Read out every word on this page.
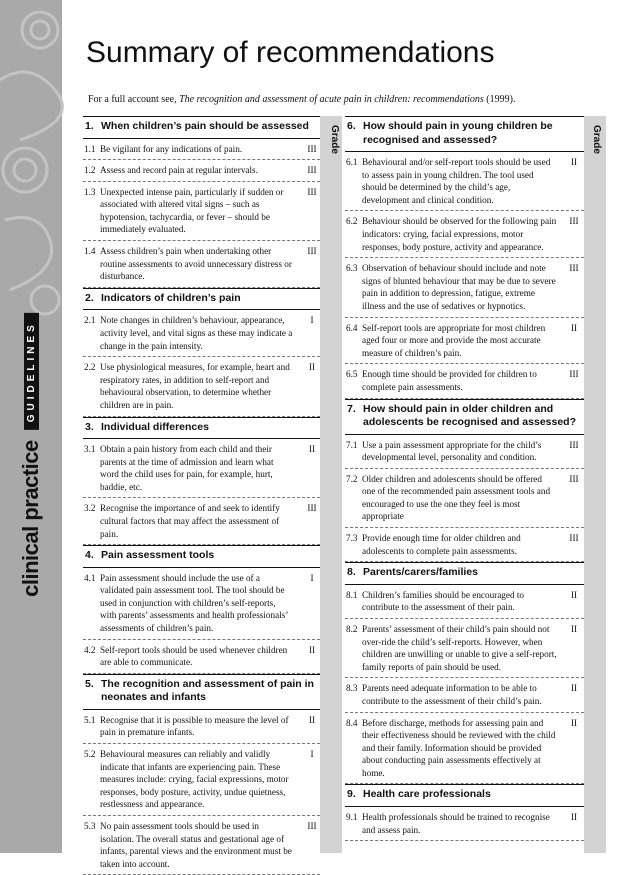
clinical practice
GUIDELINES
Summary of recommendations

For a full account see, The recognition and assessment of acute pain in children: recommendations (1999).

Grade	Grade
1. When children’s pain should be assessed
1.1 Be vigilant for any indications of pain.	III
1.2 Assess and record pain at regular intervals.	III
1.3 Unexpected intense pain, particularly if sudden or associated with altered vital signs – such as hypotension, tachycardia, or fever – should be immediately evaluated.
III
1.4 Assess children’s pain when undertaking other routine assessments to avoid unnecessary distress or disturbance.
III
2. Indicators of children’s pain
2.1 Note changes in children’s behaviour, appearance, activity level, and vital signs as these may indicate a change in the pain intensity.
I
2.2 Use physiological measures, for example, heart and respiratory rates, in addition to self-report and behavioural observation, to determine whether children are in pain.
II
3. Individual differences
3.1 Obtain a pain history from each child and their parents at the time of admission and learn what word the child uses for pain, for example, hurt, baddie, etc.
II
3.2 Recognise the importance of and seek to identify cultural factors that may affect the assessment of pain.
III
4. Pain assessment tools
4.1 Pain assessment should include the use of a validated pain assessment tool. The tool should be used in conjunction with children’s self-reports, with parents’ assessments and health professionals’ assessments of children’s pain.
I
4.2 Self-report tools should be used whenever children are able to communicate.
II
5. The recognition and assessment of pain in neonates and infants
5.1 Recognise that it is possible to measure the level of pain in premature infants.
II
5.2 Behavioural measures can reliably and validly indicate that infants are experiencing pain. These measures include: crying, facial expressions, motor responses, body posture, activity, undue quietness, restlessness and appearance.
I
5.3 No pain assessment tools should be used in isolation. The overall status and gestational age of infants, parental views and the environment must be taken into account.
III
6. How should pain in young children be recognised and assessed?
6.1 Behavioural and/or self-report tools should be used to assess pain in young children. The tool used should be determined by the child’s age, development and clinical condition.
II
6.2 Behaviour should be observed for the following pain indicators: crying, facial expressions, motor responses, body posture, activity and appearance.
III
6.3 Observation of behaviour should include and note signs of blunted behaviour that may be due to severe pain in addition to depression, fatigue, extreme illness and the use of sedatives or hypnotics.
III
6.4 Self-report tools are appropriate for most children aged four or more and provide the most accurate measure of children’s pain.
II
6.5 Enough time should be provided for children to complete pain assessments.
III
7. How should pain in older children and adolescents be recognised and assessed?
7.1 Use a pain assessment appropriate for the child’s developmental level, personality and condition.
III
7.2 Older children and adolescents should be offered one of the recommended pain assessment tools and encouraged to use the one they feel is most appropriate
III
7.3 Provide enough time for older children and adolescents to complete pain assessments.
III
8. Parents/carers/families
8.1 Children’s families should be encouraged to contribute to the assessment of their pain.
II
8.2 Parents’ assessment of their child’s pain should not over-ride the child’s self-reports. However, when children are unwilling or unable to give a self-report, family reports of pain should be used.
II
8.3 Parents need adequate information to be able to contribute to the assessment of their child’s pain.
II
8.4 Before discharge, methods for assessing pain and their effectiveness should be reviewed with the child and their family. Information should be provided about conducting pain assessments effectively at home.
II
9. Health care professionals
9.1 Health professionals should be trained to recognise and assess pain.
II
